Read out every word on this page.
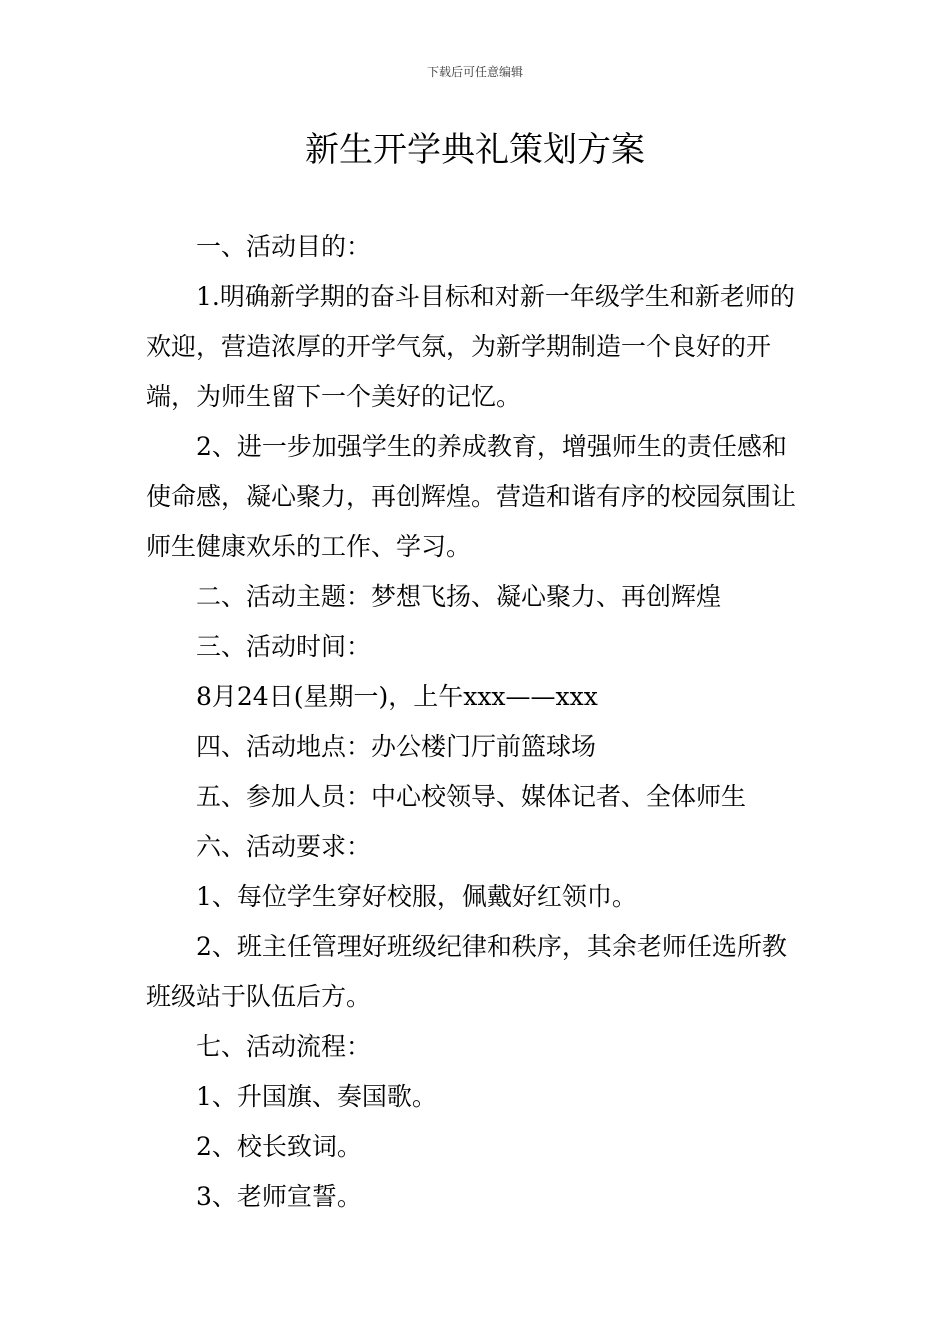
下载后可任意编辑
新生开学典礼策划方案

一、活动目的：

1.明确新学期的奋斗目标和对新一年级学生和新老师的欢迎，营造浓厚的开学气氛，为新学期制造一个良好的开端，为师生留下一个美好的记忆。

2、进一步加强学生的养成教育，增强师生的责任感和使命感，凝心聚力，再创辉煌。营造和谐有序的校园氛围让师生健康欢乐的工作、学习。

二、活动主题：梦想飞扬、凝心聚力、再创辉煌

三、活动时间：

8月24日(星期一)，上午xxx——xxx

四、活动地点：办公楼门厅前篮球场

五、参加人员：中心校领导、媒体记者、全体师生

六、活动要求：

1、每位学生穿好校服，佩戴好红领巾。

2、班主任管理好班级纪律和秩序，其余老师任选所教班级站于队伍后方。

七、活动流程：

1、升国旗、奏国歌。

2、校长致词。

3、老师宣誓。
